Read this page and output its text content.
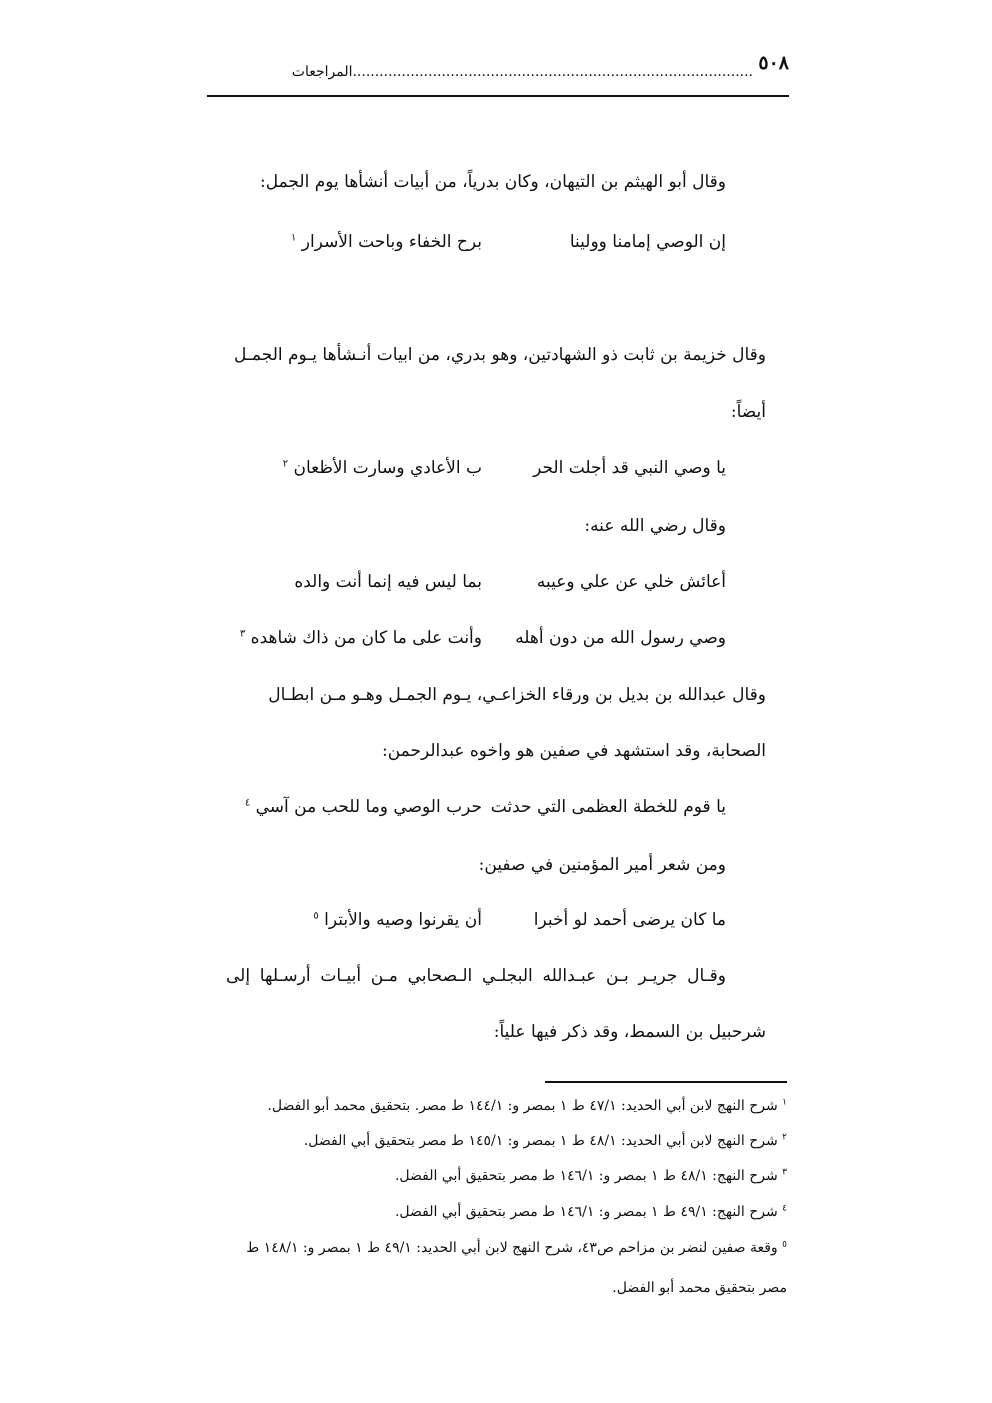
٥٠٨
..........................................................................................المراجعات
وقال أبو الهيثم بن التيهان، وكان بدرياً، من أبيات أنشأها يوم الجمل:
إن الوصي إمامنا وولينا
برح الخفاء وباحت الأسرار $^١$
وقال خزيمة بن ثابت ذو الشهادتين، وهو بدري، من ابيات أنـشأها يـوم الجمـل
أيضاً:
يا وصي النبي قد أجلت الحر
ب الأعادي وسارت الأظعان $^٢$
وقال رضي الله عنه:
أعائش خلي عن علي وعيبه
بما ليس فيه إنما أنت والده
وصي رسول الله من دون أهله
وأنت على ما كان من ذاك شاهده $^٣$
وقال عبدالله بن بديل بن ورقاء الخزاعـي، يـوم الجمـل وهـو مـن ابطـال
الصحابة، وقد استشهد في صفين هو واخوه عبدالرحمن:
يا قوم للخطة العظمى التي حدثت
حرب الوصي وما للحب من آسي $^٤$
ومن شعر أمير المؤمنين في صفين:
ما كان يرضى أحمد لو أخبرا
أن يقرنوا وصيه والأبترا $^٥$
وقـال جريـر بـن عبـدالله البجلـي الـصحابي مـن أبيـات أرسـلها إلى
شرحبيل بن السمط، وقد ذكر فيها علياً:
$^١$ شرح النهج لابن أبي الحديد: ٤٧/١ ط ١ بمصر و: ١٤٤/١ ط مصر. بتحقيق محمد أبو الفضل.
$^٢$ شرح النهج لابن أبي الحديد: ٤٨/١ ط ١ بمصر و: ١٤٥/١ ط مصر بتحقيق أبي الفضل.
$^٣$ شرح النهج: ٤٨/١ ط ١ بمصر و: ١٤٦/١ ط مصر بتحقيق أبي الفضل.
$^٤$ شرح النهج: ٤٩/١ ط ١ بمصر و: ١٤٦/١ ط مصر بتحقيق أبي الفضل.
$^٥$ وقعة صفين لنضر بن مزاحم ص٤٣، شرح النهج لابن أبي الحديد: ٤٩/١ ط ١ بمصر و: ١٤٨/١ ط
مصر بتحقيق محمد أبو الفضل.
